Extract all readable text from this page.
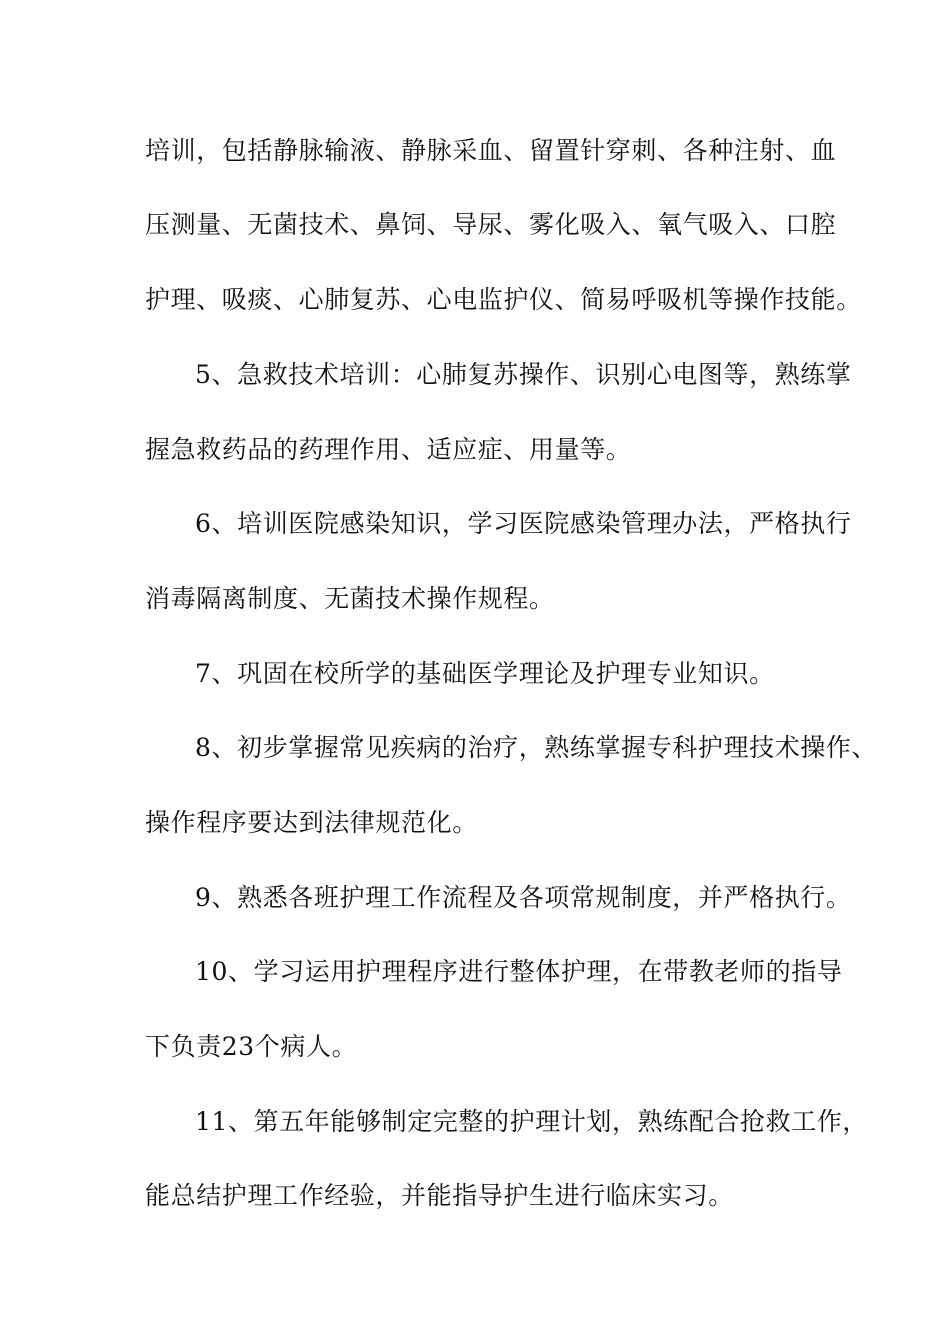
培训，包括静脉输液、静脉采血、留置针穿刺、各种注射、血
压测量、无菌技术、鼻饲、导尿、雾化吸入、氧气吸入、口腔
护理、吸痰、心肺复苏、心电监护仪、简易呼吸机等操作技能。
5、急救技术培训：心肺复苏操作、识别心电图等，熟练掌
握急救药品的药理作用、适应症、用量等。
6、培训医院感染知识，学习医院感染管理办法，严格执行
消毒隔离制度、无菌技术操作规程。
7、巩固在校所学的基础医学理论及护理专业知识。
8、初步掌握常见疾病的治疗，熟练掌握专科护理技术操作、
操作程序要达到法律规范化。
9、熟悉各班护理工作流程及各项常规制度，并严格执行。
10、学习运用护理程序进行整体护理，在带教老师的指导
下负责23个病人。
11、第五年能够制定完整的护理计划，熟练配合抢救工作，
能总结护理工作经验，并能指导护生进行临床实习。
